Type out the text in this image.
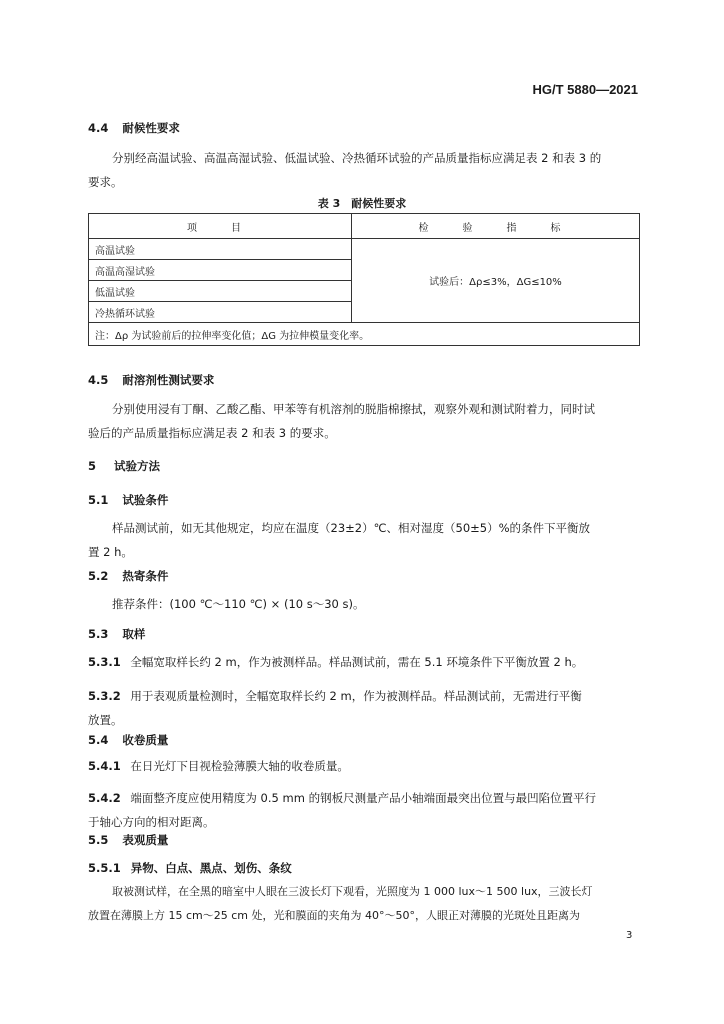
HG/T 5880—2021
4.4 耐候性要求
分别经高温试验、高温高湿试验、低温试验、冷热循环试验的产品质量指标应满足表 2 和表 3 的
要求。
表 3　耐候性要求
项　目	检　验　指　标
高温试验	试验后：Δρ≤3%，ΔG≤10%
高温高湿试验	
低温试验	
冷热循环试验	
注：Δρ 为试验前后的拉伸率变化值；ΔG 为拉伸模量变化率。	
4.5 耐溶剂性测试要求
分别使用浸有丁酮、乙酸乙酯、甲苯等有机溶剂的脱脂棉擦拭，观察外观和测试附着力，同时试
验后的产品质量指标应满足表 2 和表 3 的要求。
5 试验方法
5.1 试验条件
样品测试前，如无其他规定，均应在温度（23±2）℃、相对湿度（50±5）%的条件下平衡放
置 2 h。
5.2 热寄条件
推荐条件：(100 ℃～110 ℃) × (10 s～30 s)。
5.3 取样
5.3.1 全幅宽取样长约 2 m，作为被测样品。样品测试前，需在 5.1 环境条件下平衡放置 2 h。
5.3.2 用于表观质量检测时，全幅宽取样长约 2 m，作为被测样品。样品测试前，无需进行平衡
放置。
5.4 收卷质量
5.4.1 在日光灯下目视检验薄膜大轴的收卷质量。
5.4.2 端面整齐度应使用精度为 0.5 mm 的钢板尺测量产品小轴端面最突出位置与最凹陷位置平行
于轴心方向的相对距离。
5.5 表观质量
5.5.1 异物、白点、黑点、划伤、条纹
取被测试样，在全黑的暗室中人眼在三波长灯下观看，光照度为 1 000 lux～1 500 lux，三波长灯
放置在薄膜上方 15 cm～25 cm 处，光和膜面的夹角为 40°～50°，人眼正对薄膜的光斑处且距离为
3
